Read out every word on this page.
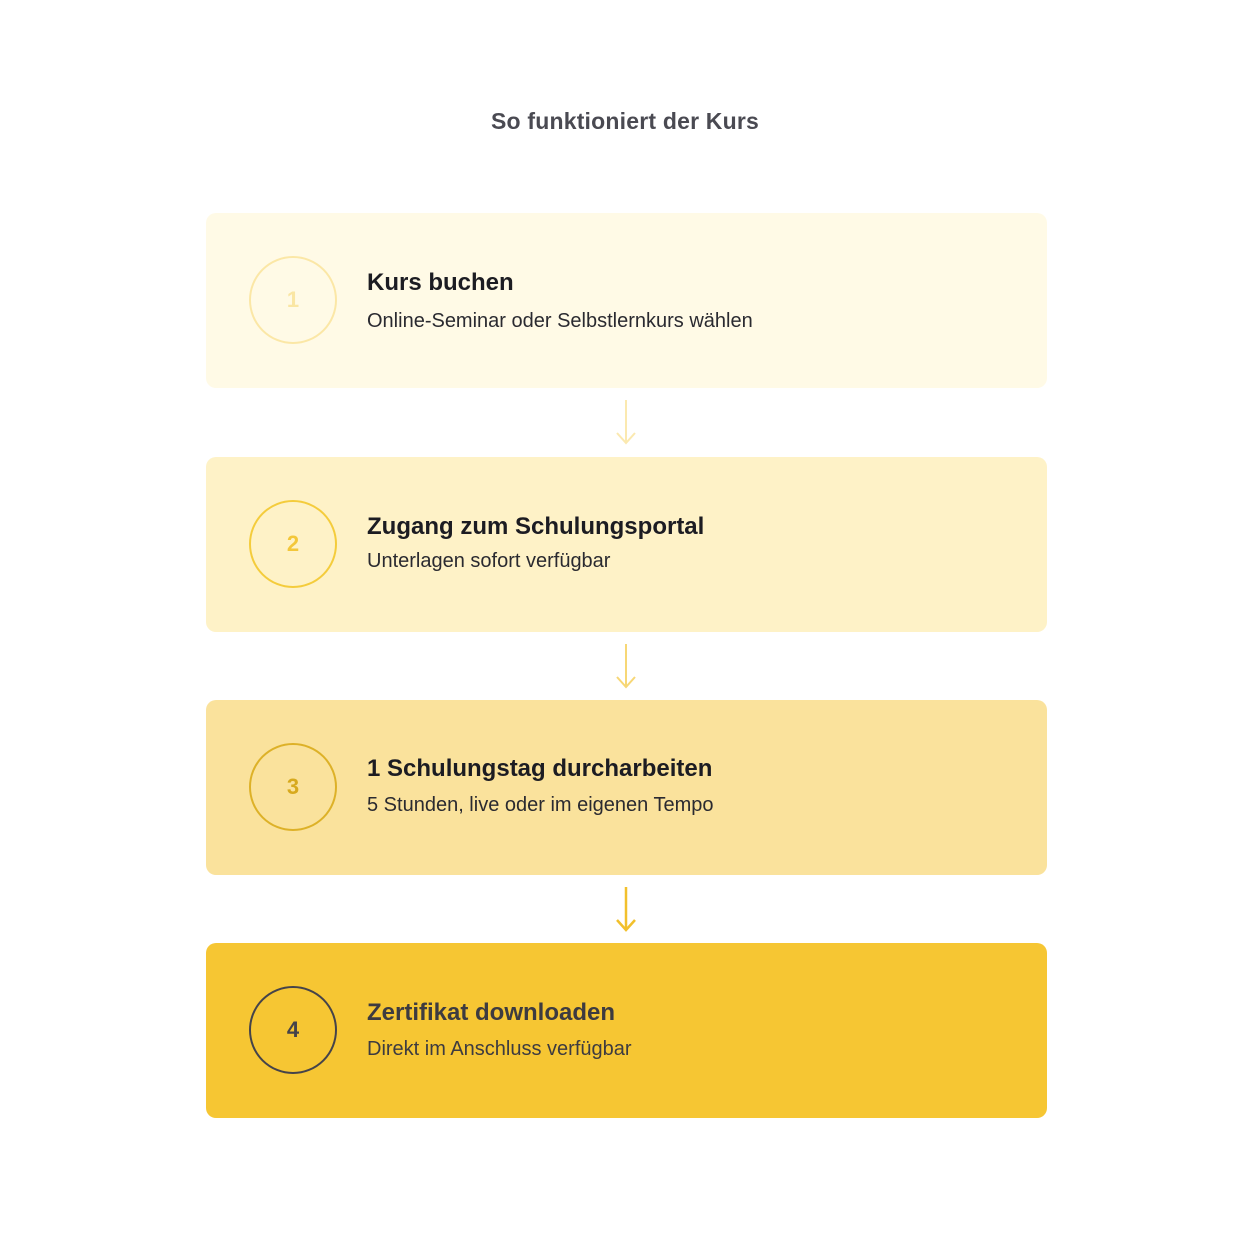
So funktioniert der Kurs
1
Kurs buchen
Online-Seminar oder Selbstlernkurs wählen
2
Zugang zum Schulungsportal
Unterlagen sofort verfügbar
3
1 Schulungstag durcharbeiten
5 Stunden, live oder im eigenen Tempo
4
Zertifikat downloaden
Direkt im Anschluss verfügbar
